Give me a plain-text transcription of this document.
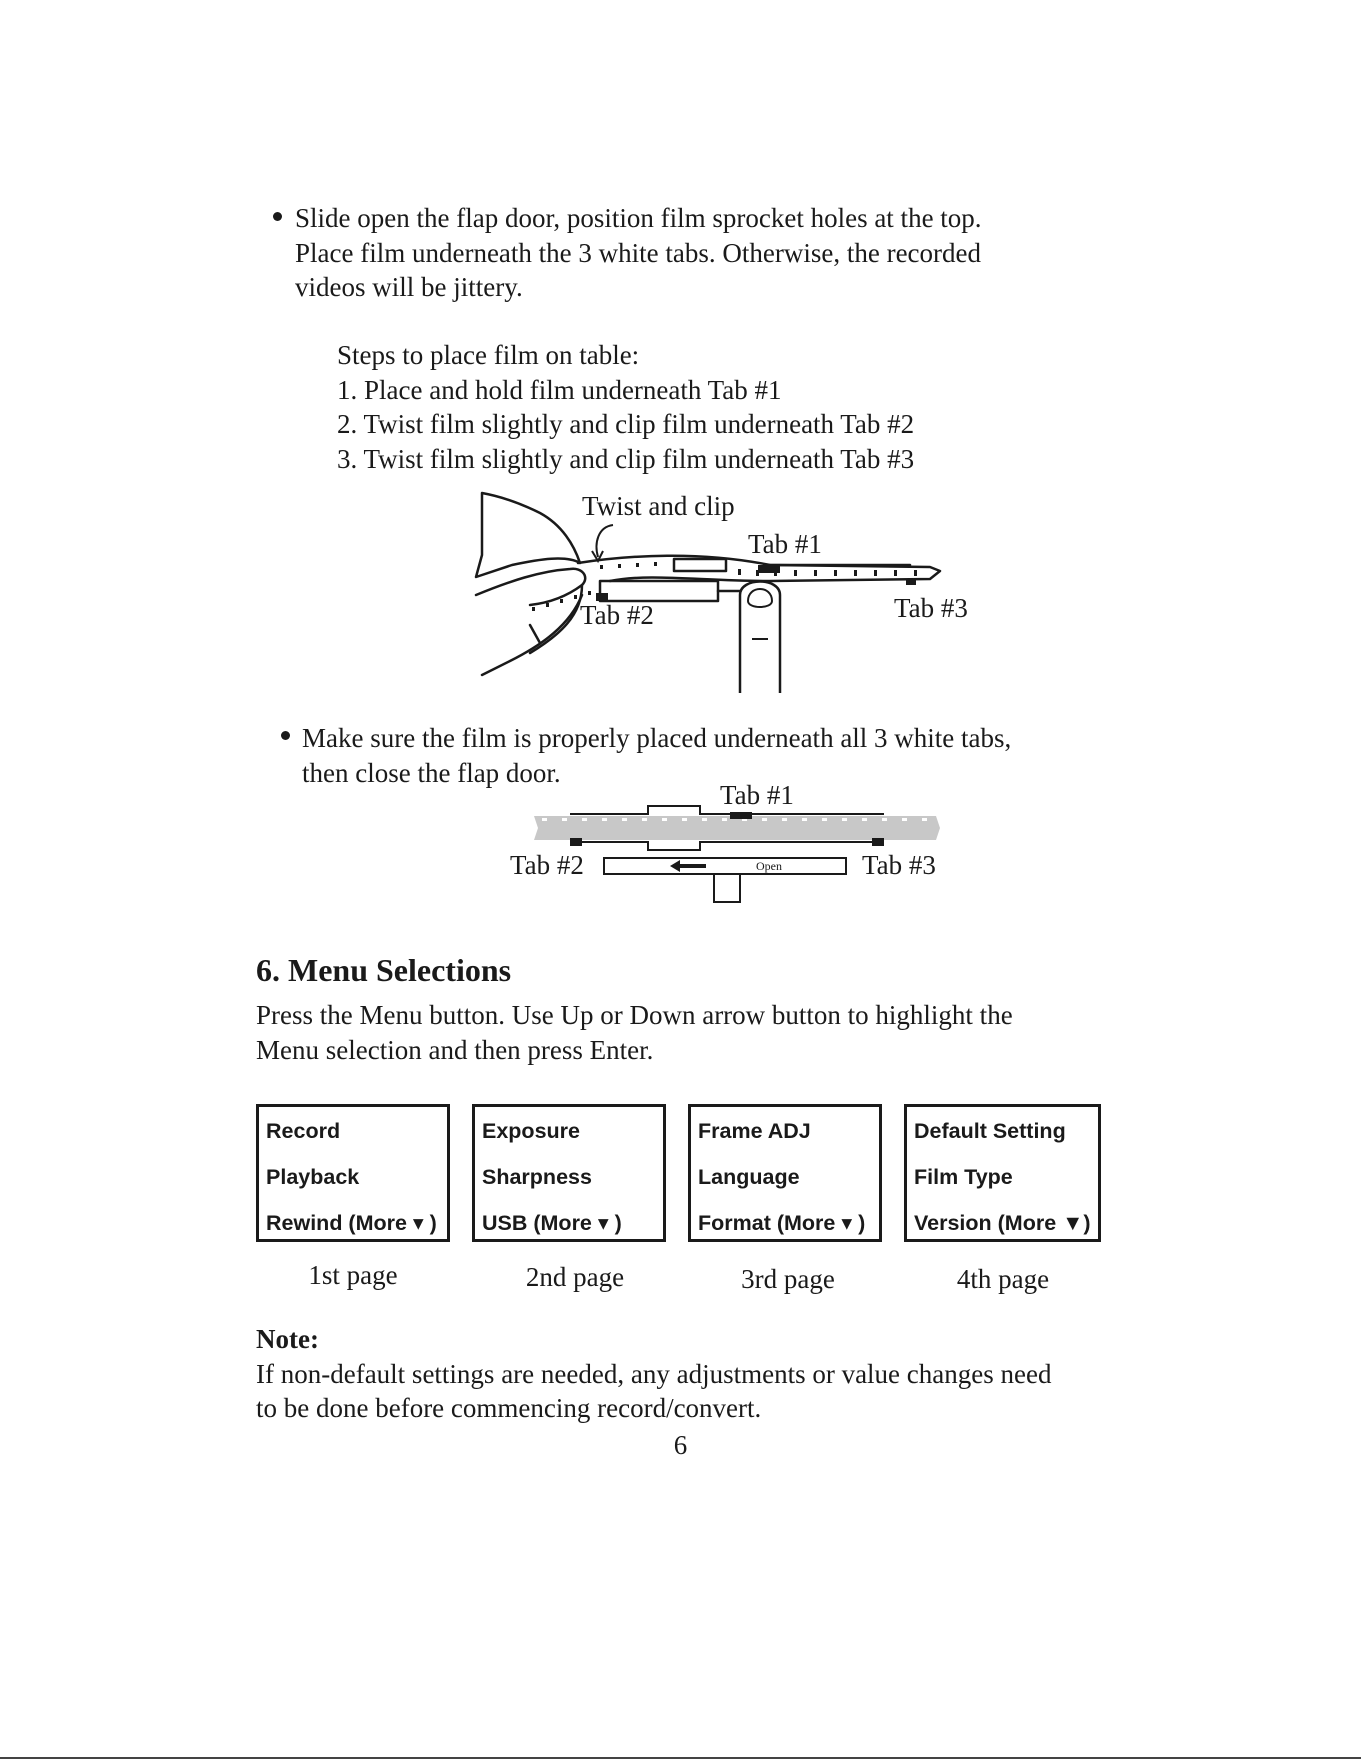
Slide open the flap door, position film sprocket holes at the top.

Place film underneath the 3 white tabs. Otherwise, the recorded

videos will be jittery.

Steps to place film on table:

1. Place and hold film underneath Tab #1

2. Twist film slightly and clip film underneath Tab #2

3. Twist film slightly and clip film underneath Tab #3

Twist and clip
Tab #1
Tab #2	Tab #3

Make sure the film is properly placed underneath all 3 white tabs,

then close the flap door.

Open
Tab #1
Tab #2	Tab #3
6. Menu Selections

Press the Menu button. Use Up or Down arrow button to highlight the

Menu selection and then press Enter.

Record
Playback
Rewind (More ▾ )
Exposure
Sharpness
USB (More ▾ )
Frame ADJ
Language
Format (More ▾ )
Default Setting
Film Type
Version (More ▼)
1st page	2nd page	3rd page	4th page

Note:

If non-default settings are needed, any adjustments or value changes need

to be done before commencing record/convert.

6
